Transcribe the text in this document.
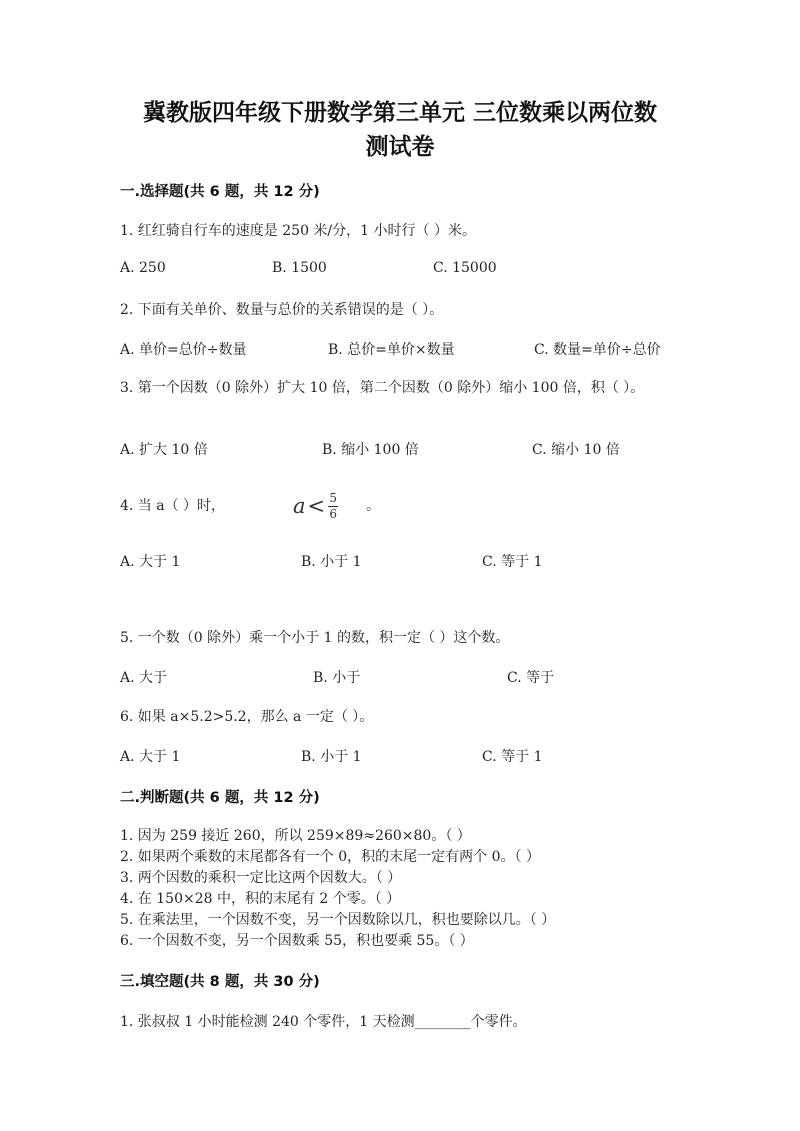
冀教版四年级下册数学第三单元 三位数乘以两位数
测试卷
一.选择题(共 6 题，共 12 分)
1. 红红骑自行车的速度是 250 米/分，1 小时行（ ）米。
A. 250	B. 1500	C. 15000
2. 下面有关单价、数量与总价的关系错误的是（ ）。
A. 单价=总价÷数量	B. 总价=单价×数量	C. 数量=单价÷总价
3. 第一个因数（0 除外）扩大 10 倍，第二个因数（0 除外）缩小 100 倍，积（ ）。
A. 扩大 10 倍	B. 缩小 100 倍	C. 缩小 10 倍
4. 当 a（ ）时，	$a < \frac{5}{6}$ 。
A. 大于 1	B. 小于 1	C. 等于 1
5. 一个数（0 除外）乘一个小于 1 的数，积一定（ ）这个数。
A. 大于	B. 小于	C. 等于
6. 如果 a×5.2>5.2，那么 a 一定（ ）。
A. 大于 1	B. 小于 1	C. 等于 1
二.判断题(共 6 题，共 12 分)
1. 因为 259 接近 260，所以 259×89≈260×80。（ ）
2. 如果两个乘数的末尾都各有一个 0，积的末尾一定有两个 0。（ ）
3. 两个因数的乘积一定比这两个因数大。（ ）
4. 在 150×28 中，积的末尾有 2 个零。（ ）
5. 在乘法里，一个因数不变，另一个因数除以几，积也要除以几。（ ）
6. 一个因数不变，另一个因数乘 55，积也要乘 55。（ ）
三.填空题(共 8 题，共 30 分)
1. 张叔叔 1 小时能检测 240 个零件，1 天检测________个零件。
